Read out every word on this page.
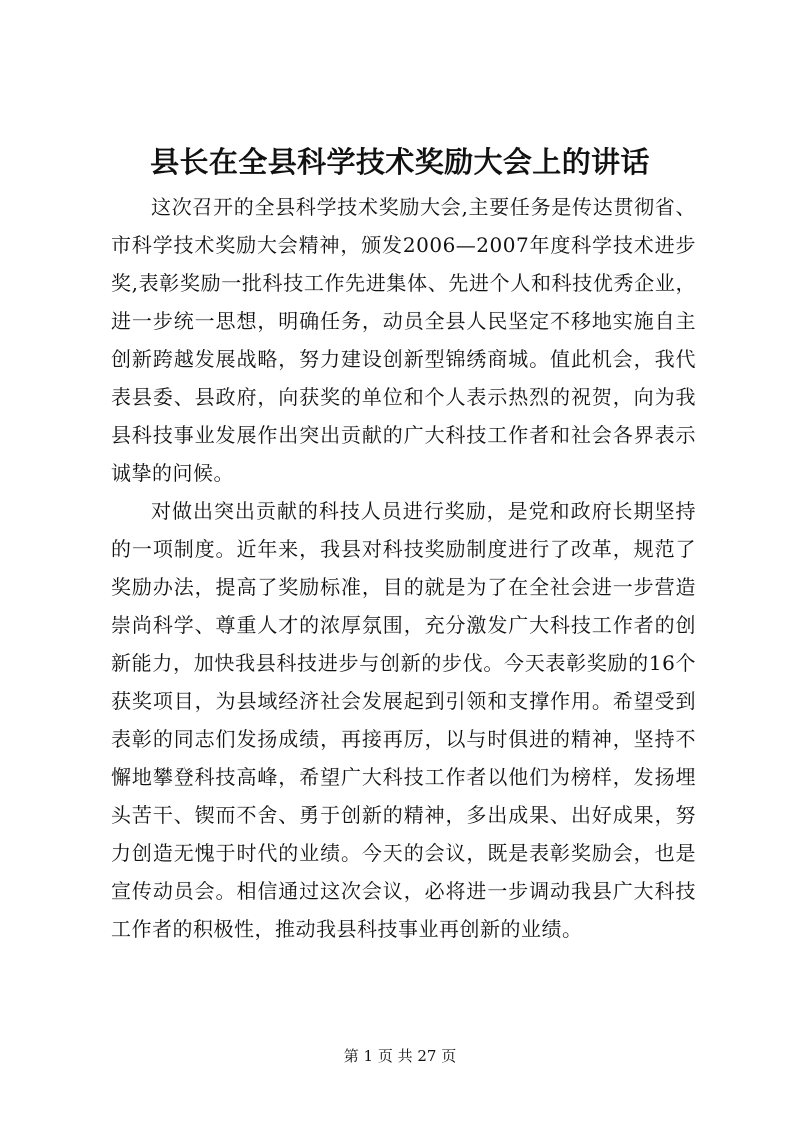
县长在全县科学技术奖励大会上的讲话

这次召开的全县科学技术奖励大会,主要任务是传达贯彻省、市科学技术奖励大会精神，颁发2006—2007年度科学技术进步奖,表彰奖励一批科技工作先进集体、先进个人和科技优秀企业，进一步统一思想，明确任务，动员全县人民坚定不移地实施自主创新跨越发展战略，努力建设创新型锦绣商城。值此机会，我代表县委、县政府，向获奖的单位和个人表示热烈的祝贺，向为我县科技事业发展作出突出贡献的广大科技工作者和社会各界表示诚挚的问候。

对做出突出贡献的科技人员进行奖励，是党和政府长期坚持的一项制度。近年来，我县对科技奖励制度进行了改革，规范了奖励办法，提高了奖励标准，目的就是为了在全社会进一步营造崇尚科学、尊重人才的浓厚氛围，充分激发广大科技工作者的创新能力，加快我县科技进步与创新的步伐。今天表彰奖励的16个获奖项目，为县域经济社会发展起到引领和支撑作用。希望受到表彰的同志们发扬成绩，再接再厉，以与时俱进的精神，坚持不懈地攀登科技高峰，希望广大科技工作者以他们为榜样，发扬埋头苦干、锲而不舍、勇于创新的精神，多出成果、出好成果，努力创造无愧于时代的业绩。今天的会议，既是表彰奖励会，也是宣传动员会。相信通过这次会议，必将进一步调动我县广大科技工作者的积极性，推动我县科技事业再创新的业绩。

第 1 页 共 27 页
